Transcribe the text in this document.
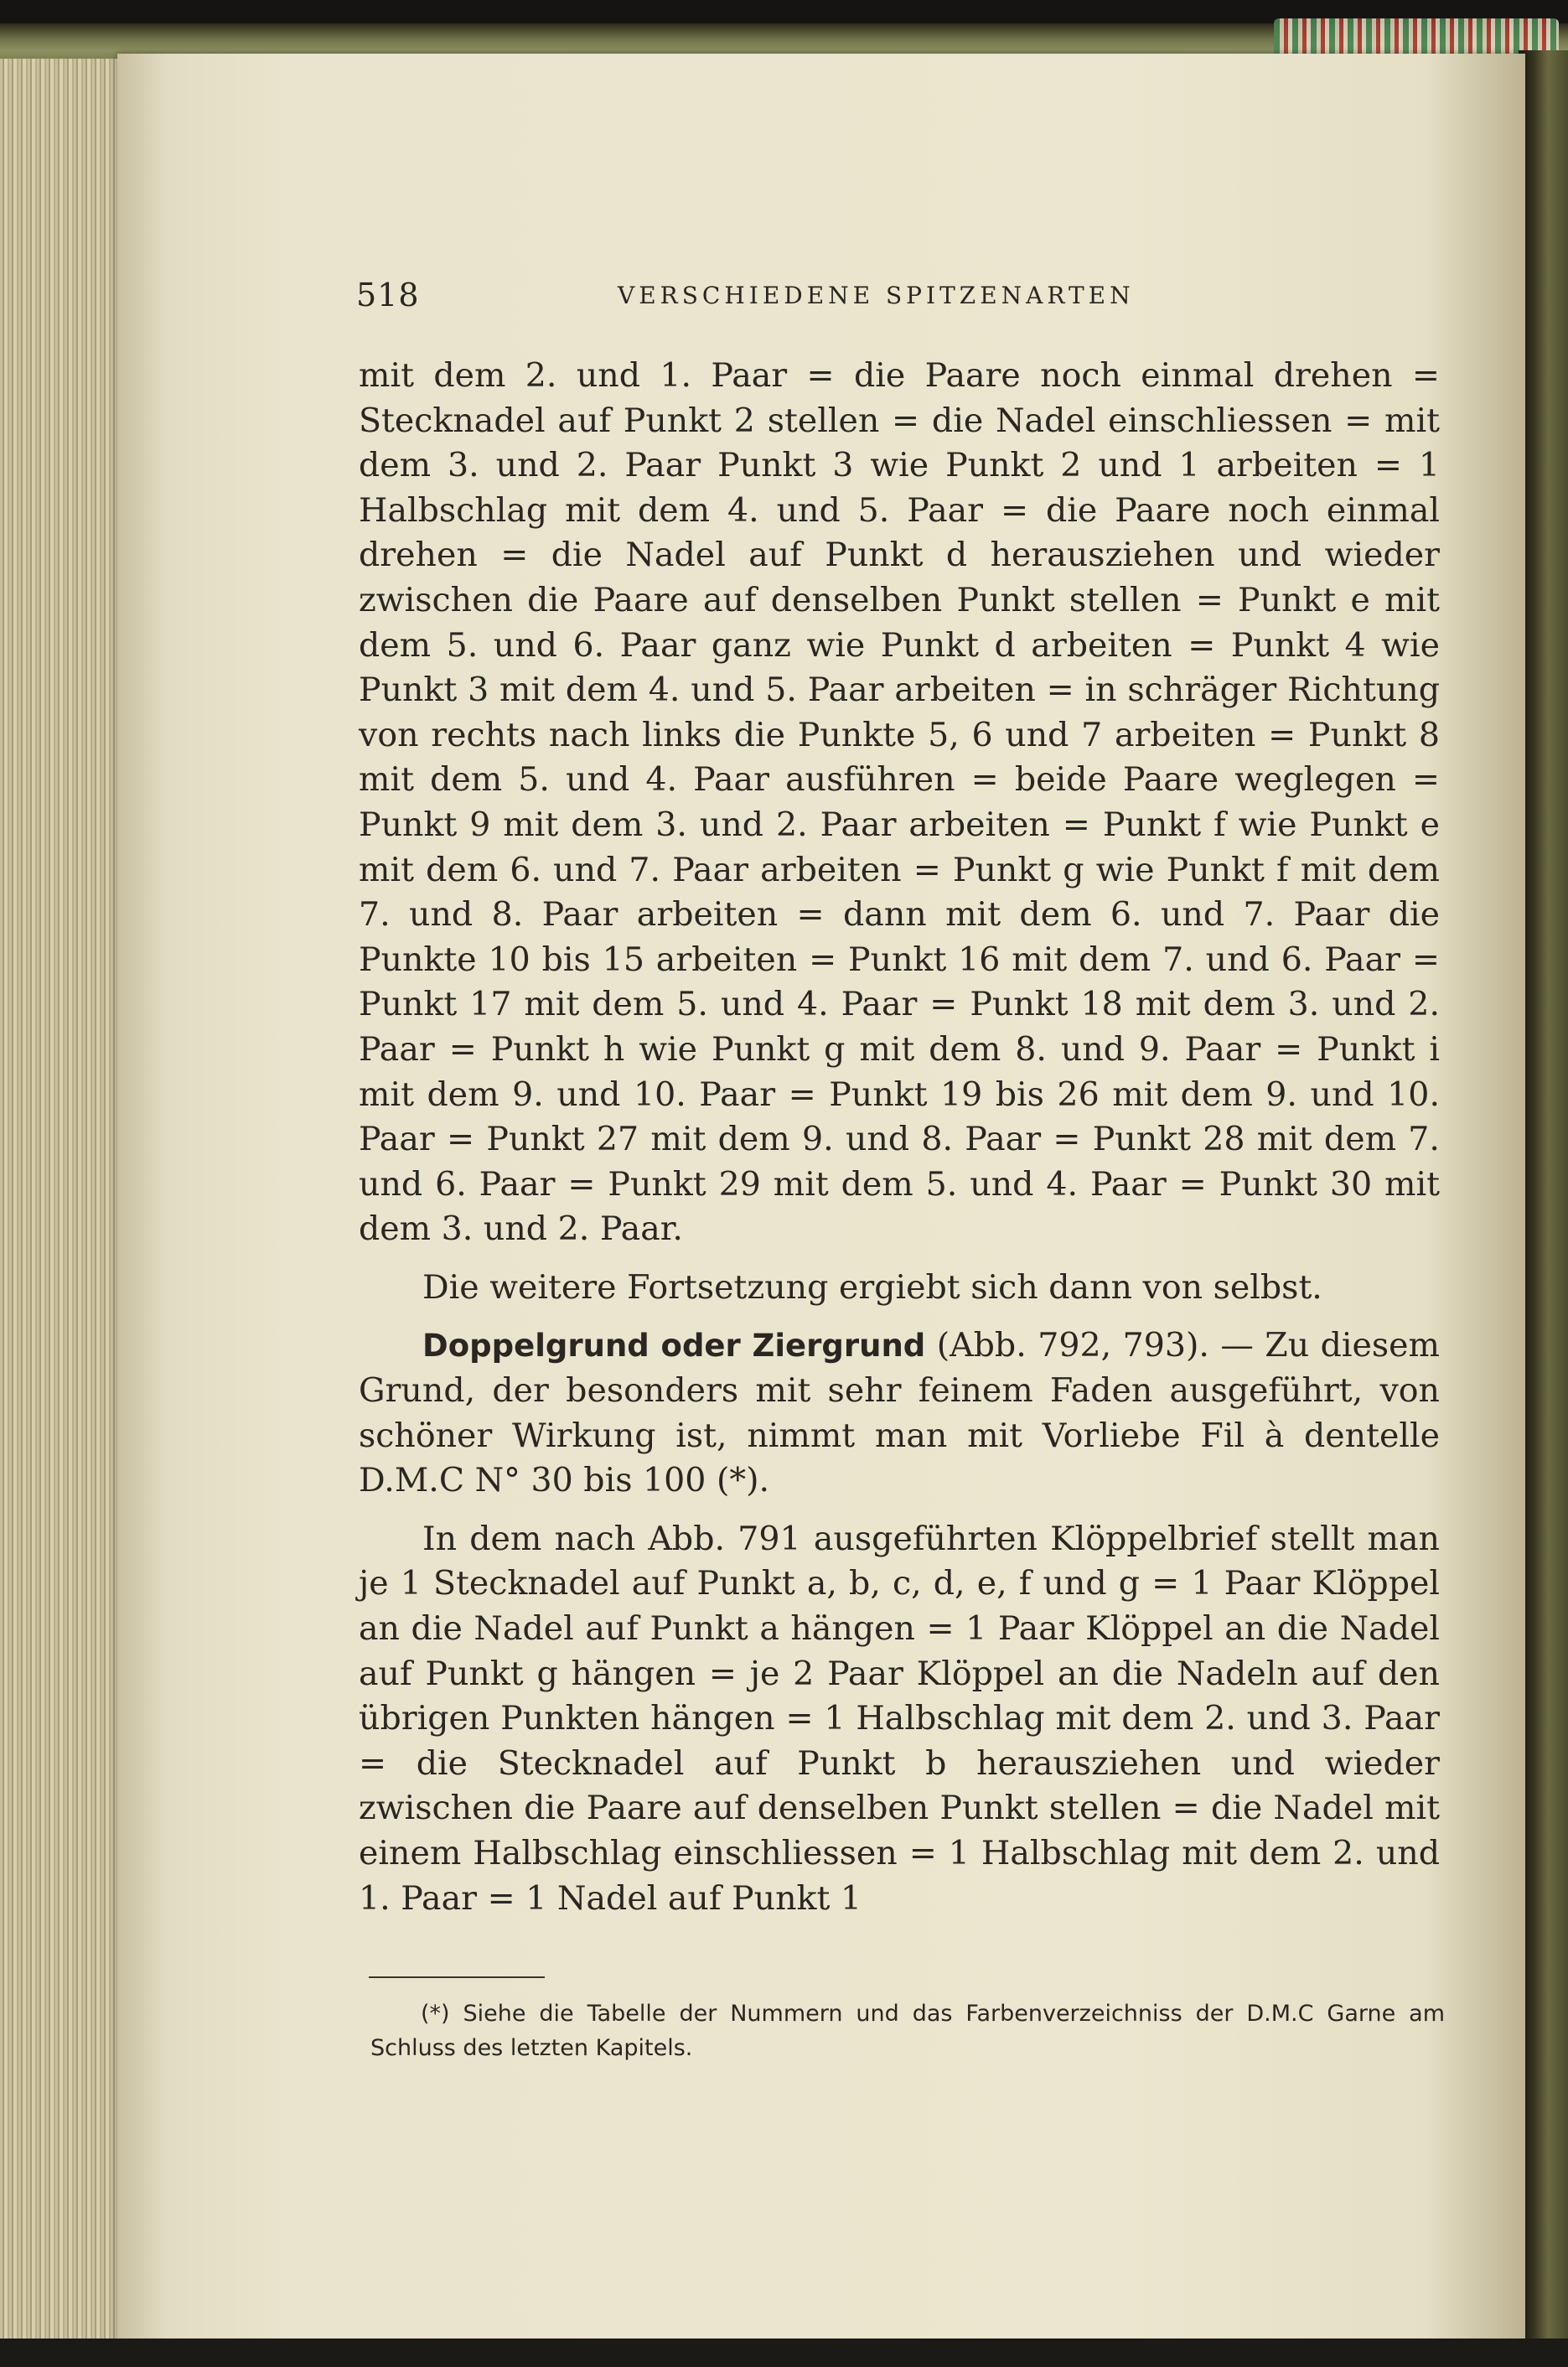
518	VERSCHIEDENE SPITZENARTEN

mit dem 2. und 1. Paar = die Paare noch einmal drehen = Stecknadel auf Punkt 2 stellen = die Nadel einschliessen = mit dem 3. und 2. Paar Punkt 3 wie Punkt 2 und 1 arbeiten = 1 Halbschlag mit dem 4. und 5. Paar = die Paare noch einmal drehen = die Nadel auf Punkt d herausziehen und wieder zwischen die Paare auf denselben Punkt stellen = Punkt e mit dem 5. und 6. Paar ganz wie Punkt d arbeiten = Punkt 4 wie Punkt 3 mit dem 4. und 5. Paar arbeiten = in schräger Richtung von rechts nach links die Punkte 5, 6 und 7 arbeiten = Punkt 8 mit dem 5. und 4. Paar ausführen = beide Paare weglegen = Punkt 9 mit dem 3. und 2. Paar arbeiten = Punkt f wie Punkt e mit dem 6. und 7. Paar arbeiten = Punkt g wie Punkt f mit dem 7. und 8. Paar arbeiten = dann mit dem 6. und 7. Paar die Punkte 10 bis 15 arbeiten = Punkt 16 mit dem 7. und 6. Paar = Punkt 17 mit dem 5. und 4. Paar = Punkt 18 mit dem 3. und 2. Paar = Punkt h wie Punkt g mit dem 8. und 9. Paar = Punkt i mit dem 9. und 10. Paar = Punkt 19 bis 26 mit dem 9. und 10. Paar = Punkt 27 mit dem 9. und 8. Paar = Punkt 28 mit dem 7. und 6. Paar = Punkt 29 mit dem 5. und 4. Paar = Punkt 30 mit dem 3. und 2. Paar.

Die weitere Fortsetzung ergiebt sich dann von selbst.

Doppelgrund oder Ziergrund (Abb. 792, 793). — Zu diesem Grund, der besonders mit sehr feinem Faden ausgeführt, von schöner Wirkung ist, nimmt man mit Vorliebe Fil à dentelle D.M.C N° 30 bis 100 (*).

In dem nach Abb. 791 ausgeführten Klöppelbrief stellt man je 1 Stecknadel auf Punkt a, b, c, d, e, f und g = 1 Paar Klöppel an die Nadel auf Punkt a hängen = 1 Paar Klöppel an die Nadel auf Punkt g hängen = je 2 Paar Klöppel an die Nadeln auf den übrigen Punkten hängen = 1 Halbschlag mit dem 2. und 3. Paar = die Stecknadel auf Punkt b herausziehen und wieder zwischen die Paare auf denselben Punkt stellen = die Nadel mit einem Halbschlag einschliessen = 1 Halbschlag mit dem 2. und 1. Paar = 1 Nadel auf Punkt 1

(*) Siehe die Tabelle der Nummern und das Farbenverzeichniss der D.M.C Garne am Schluss des letzten Kapitels.
